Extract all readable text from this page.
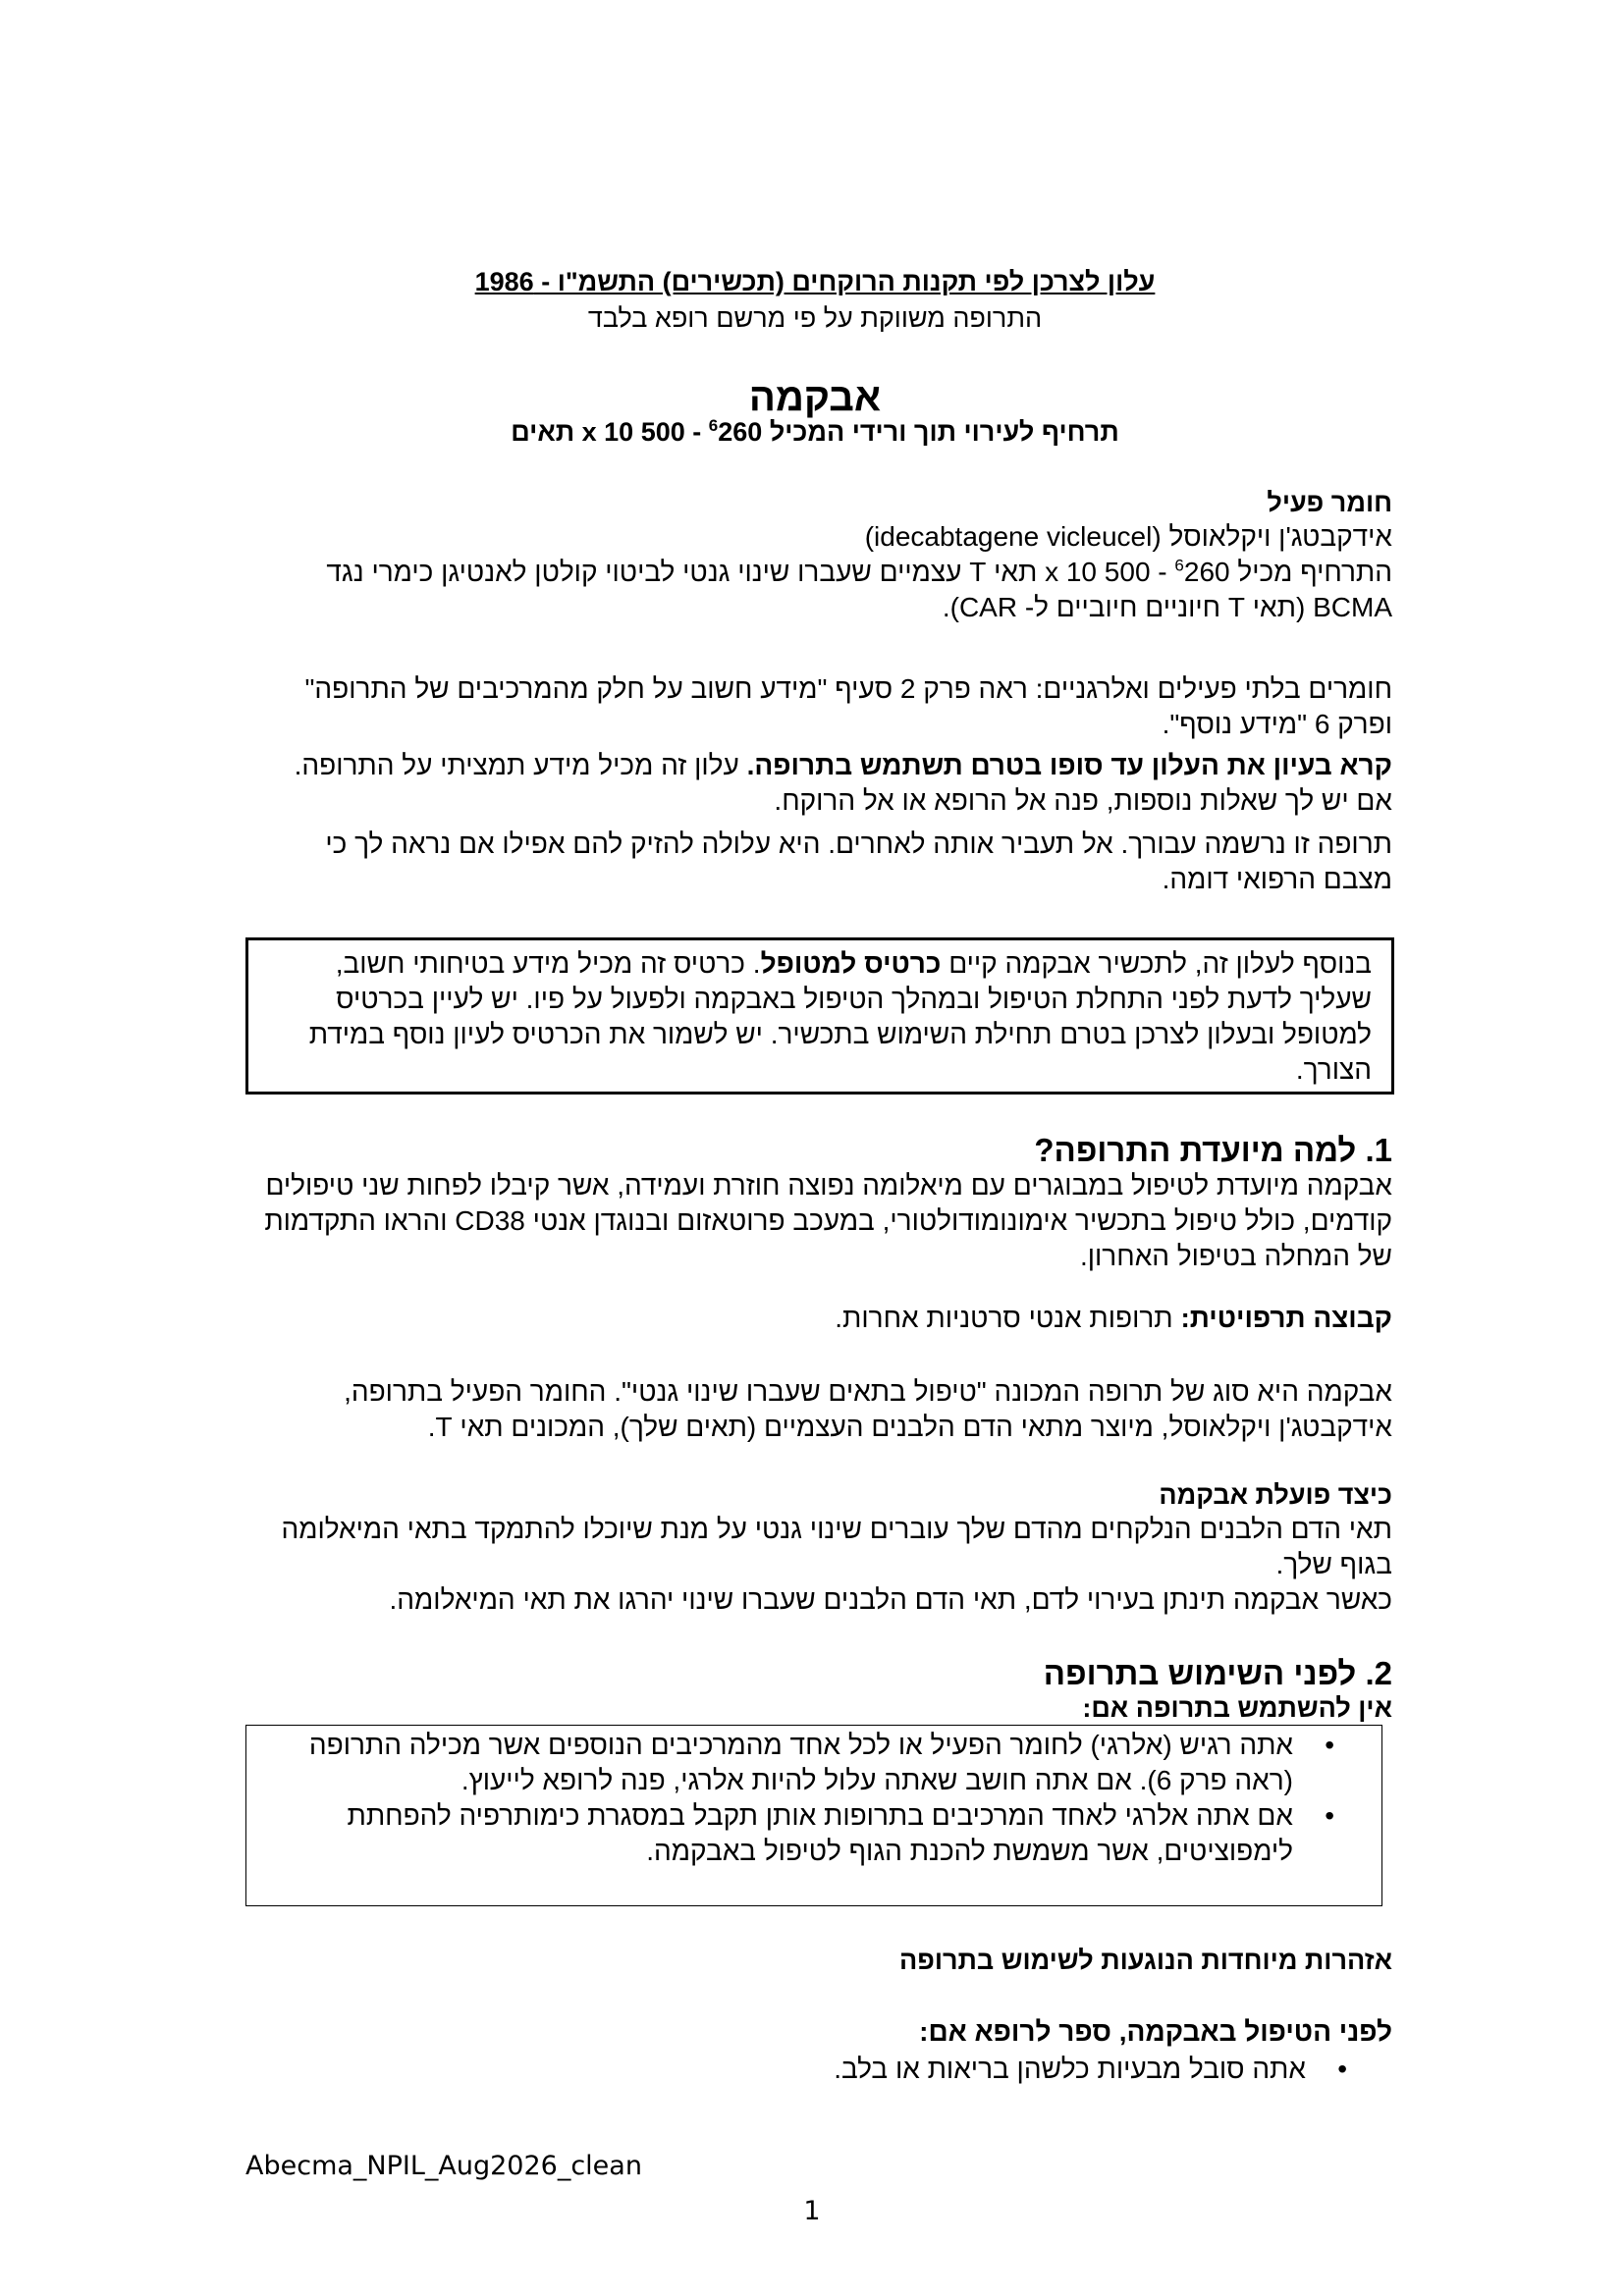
עלון לצרכן לפי תקנות הרוקחים (תכשירים) התשמ"ו - 1986
התרופה משווקת על פי מרשם רופא בלבד
אבקמה
תרחיף לעירוי תוך ורידי המכיל $^6$260 - 500 x 10 תאים
חומר פעיל
אידקבטג'ן ויקלאוסל (idecabtagene vicleucel)
התרחיף מכיל $^6$260 - 500 x 10 תאי T עצמיים שעברו שינוי גנטי לביטוי קולטן לאנטיגן כימרי נגד BCMA (תאי T חיוניים חיוביים ל- CAR).
חומרים בלתי פעילים ואלרגניים: ראה פרק 2 סעיף "מידע חשוב על חלק מהמרכיבים של התרופה" ופרק 6 "מידע נוסף".
קרא בעיון את העלון עד סופו בטרם תשתמש בתרופה. עלון זה מכיל מידע תמציתי על התרופה. אם יש לך שאלות נוספות, פנה אל הרופא או אל הרוקח.
תרופה זו נרשמה עבורך. אל תעביר אותה לאחרים. היא עלולה להזיק להם אפילו אם נראה לך כי מצבם הרפואי דומה.
בנוסף לעלון זה, לתכשיר אבקמה קיים כרטיס למטופל. כרטיס זה מכיל מידע בטיחותי חשוב, שעליך לדעת לפני התחלת הטיפול ובמהלך הטיפול באבקמה ולפעול על פיו. יש לעיין בכרטיס למטופל ובעלון לצרכן בטרם תחילת השימוש בתכשיר. יש לשמור את הכרטיס לעיון נוסף במידת הצורך.
1. למה מיועדת התרופה?
אבקמה מיועדת לטיפול במבוגרים עם מיאלומה נפוצה חוזרת ועמידה, אשר קיבלו לפחות שני טיפולים קודמים, כולל טיפול בתכשיר אימונומודולטורי, במעכב פרוטאזום ובנוגדן אנטי CD38 והראו התקדמות של המחלה בטיפול האחרון.
קבוצה תרפויטית: תרופות אנטי סרטניות אחרות.
אבקמה היא סוג של תרופה המכונה "טיפול בתאים שעברו שינוי גנטי". החומר הפעיל בתרופה, אידקבטג'ן ויקלאוסל, מיוצר מתאי הדם הלבנים העצמיים (תאים שלך), המכונים תאי T.
כיצד פועלת אבקמה
תאי הדם הלבנים הנלקחים מהדם שלך עוברים שינוי גנטי על מנת שיוכלו להתמקד בתאי המיאלומה בגוף שלך.
כאשר אבקמה תינתן בעירוי לדם, תאי הדם הלבנים שעברו שינוי יהרגו את תאי המיאלומה.
2. לפני השימוש בתרופה
אין להשתמש בתרופה אם:
• אתה רגיש (אלרגי) לחומר הפעיל או לכל אחד מהמרכיבים הנוספים אשר מכילה התרופה (ראה פרק 6). אם אתה חושב שאתה עלול להיות אלרגי, פנה לרופא לייעוץ.
• אם אתה אלרגי לאחד המרכיבים בתרופות אותן תקבל במסגרת כימותרפיה להפחתת לימפוציטים, אשר משמשת להכנת הגוף לטיפול באבקמה.
אזהרות מיוחדות הנוגעות לשימוש בתרופה
לפני הטיפול באבקמה, ספר לרופא אם:
• אתה סובל מבעיות כלשהן בריאות או בלב.
Abecma_NPIL_Aug2026_clean
1
